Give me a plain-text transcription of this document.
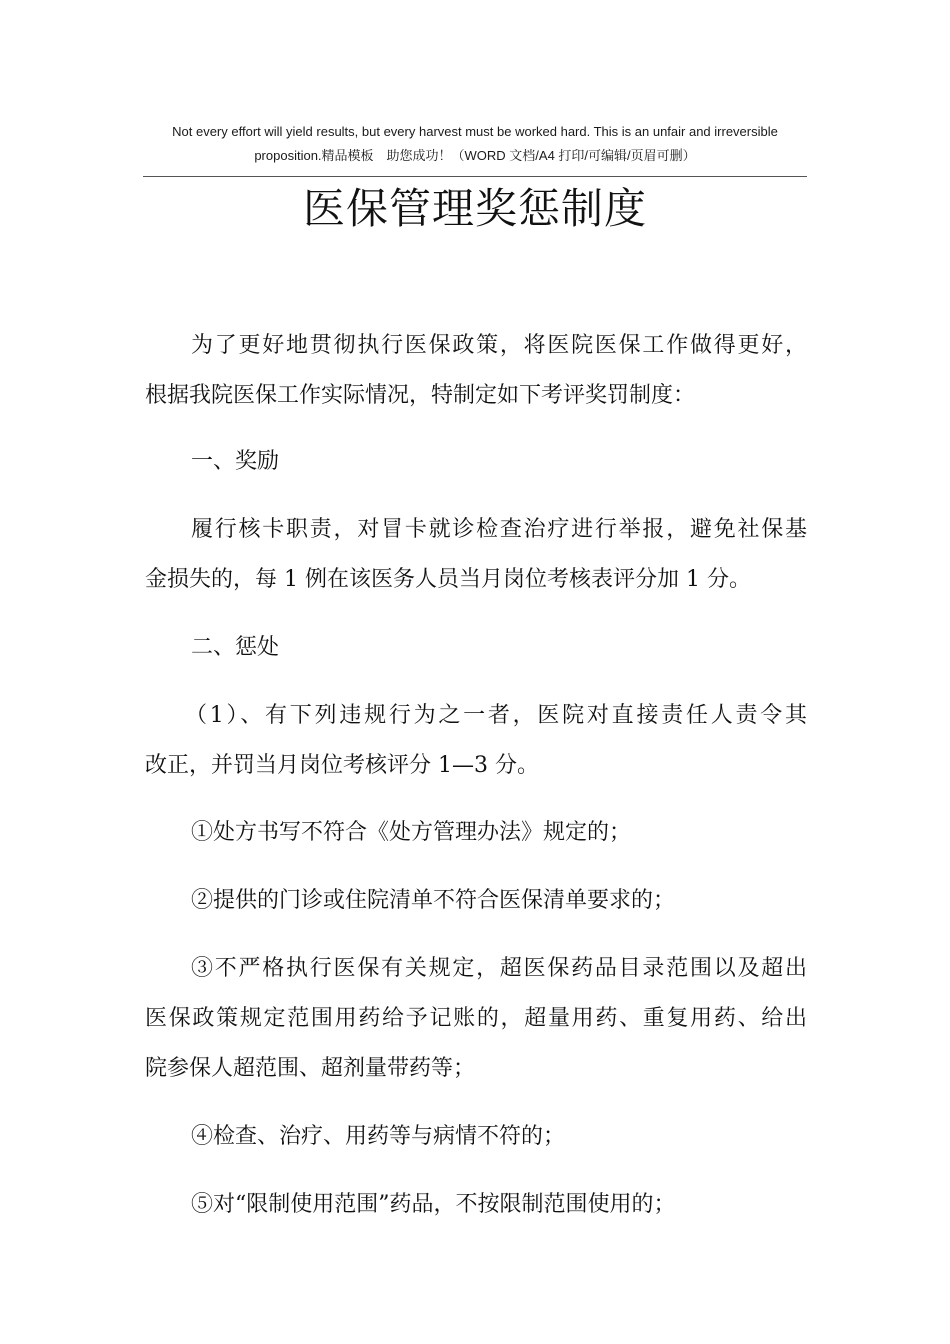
Not every effort will yield results, but every harvest must be worked hard. This is an unfair and irreversible
proposition.精品模板　助您成功！（WORD 文档/A4 打印/可编辑/页眉可删）
医保管理奖惩制度

为了更好地贯彻执行医保政策，将医院医保工作做得更好，
根据我院医保工作实际情况，特制定如下考评奖罚制度：

一、奖励

履行核卡职责，对冒卡就诊检查治疗进行举报，避免社保基
金损失的，每 1 例在该医务人员当月岗位考核表评分加 1 分。

二、惩处

（1）、有下列违规行为之一者，医院对直接责任人责令其
改正，并罚当月岗位考核评分 1—3 分。

①处方书写不符合《处方管理办法》规定的；

②提供的门诊或住院清单不符合医保清单要求的；

③不严格执行医保有关规定，超医保药品目录范围以及超出
医保政策规定范围用药给予记账的，超量用药、重复用药、给出
院参保人超范围、超剂量带药等；

④检查、治疗、用药等与病情不符的；

⑤对“限制使用范围”药品，不按限制范围使用的；
